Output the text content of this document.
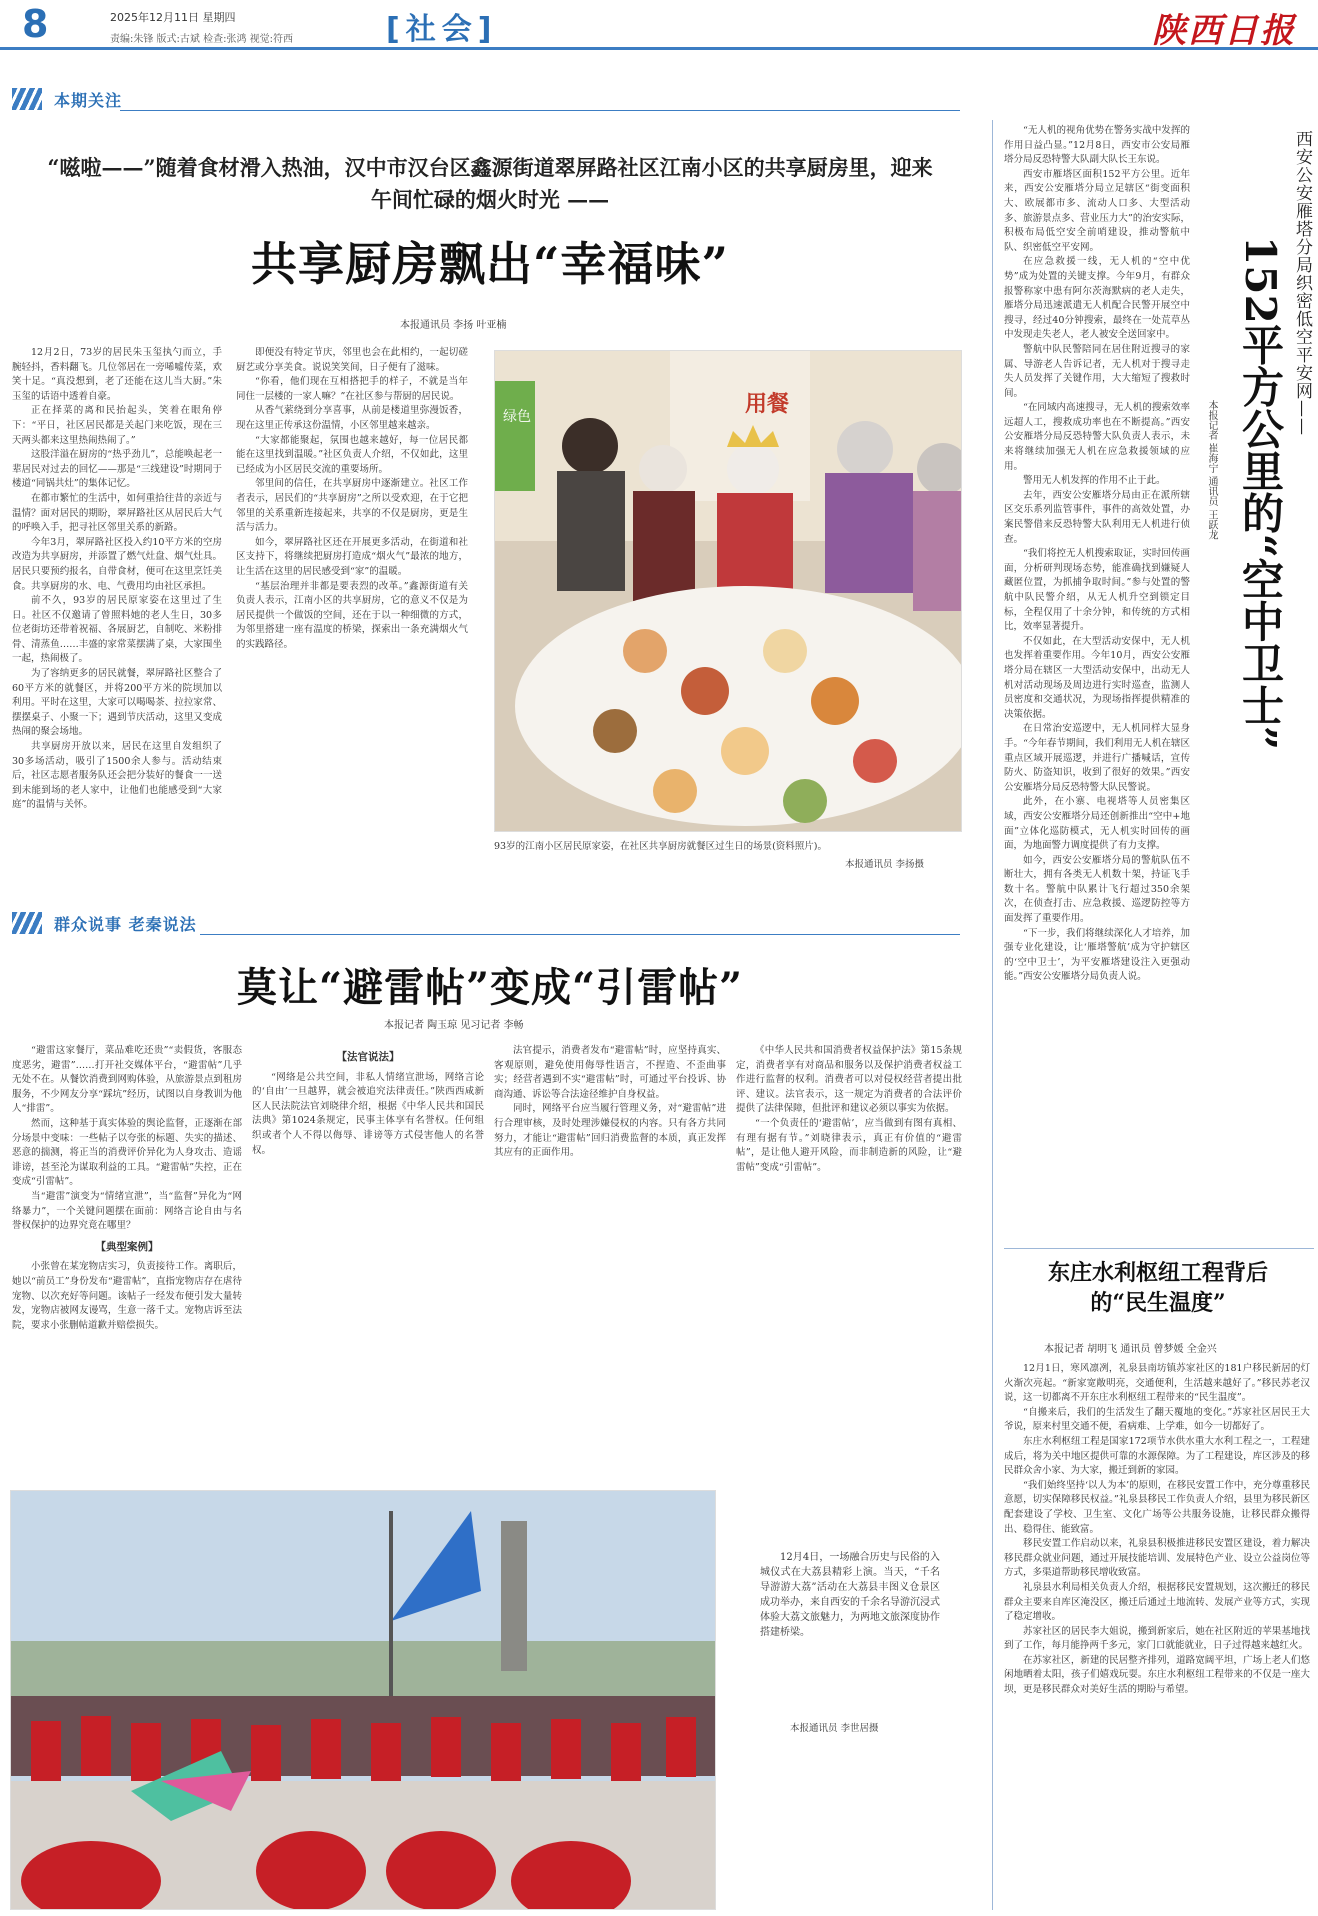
8	2025年12月11日 星期四
责编:朱锋 版式:古斌 检查:张鸿 视觉:符西	[社会]	陕西日报
本期关注
“嗞啦——”随着食材滑入热油，汉中市汉台区鑫源街道翠屏路社区江南小区的共享厨房里，迎来午间忙碌的烟火时光 ——
共享厨房飘出“幸福味”
本报通讯员 李扬 叶亚楠

12月2日，73岁的居民朱玉玺执勺而立，手腕轻抖，香料翻飞。几位邻居在一旁唏嘘传菜，欢笑十足。“真没想到，老了还能在这儿当大厨。”朱玉玺的话语中透着自豪。

正在择菜的离和民抬起头，笑着在眼角停下：“平日，社区居民都是关起门来吃饭，现在三天两头都来这里热闹热闹了。”

这股洋溢在厨房的“热乎劲儿”，总能唤起老一辈居民对过去的回忆——那是“三线建设”时期同于楼道“同锅共灶”的集体记忆。

在都市繁忙的生活中，如何重拾往昔的亲近与温情？面对居民的期盼，翠屏路社区从居民后大气的呼唤入手，把寻社区邻里关系的新路。

今年3月，翠屏路社区投入约10平方米的空房改造为共享厨房，并添置了燃气灶盘、烟气灶具。居民只要预约报名，自带食材，便可在这里烹饪美食。共享厨房的水、电、气费用均由社区承担。

前不久，93岁的居民原家姿在这里过了生日。社区不仅邀请了曾照料她的老人生日，30多位老街坊还带着祝福、各展厨艺，自制吃、米粉排骨、清蒸鱼……丰盛的家常菜摆满了桌，大家围坐一起，热闹极了。

为了容纳更多的居民就餐，翠屏路社区整合了60平方米的就餐区，并将200平方米的院坝加以利用。平时在这里，大家可以喝喝茶、拉拉家常、摆摆桌子、小聚一下；遇到节庆活动，这里又变成热闹的聚会场地。

共享厨房开放以来，居民在这里自发组织了30多场活动，吸引了1500余人参与。活动结束后，社区志愿者服务队还会把分装好的餐食一一送到未能到场的老人家中，让他们也能感受到“大家庭”的温情与关怀。

即便没有特定节庆，邻里也会在此相约，一起切磋厨艺或分享美食。说说笑笑间，日子便有了滋味。

“你看，他们现在互相搭把手的样子，不就是当年同住一层楼的一家人嘛？”在社区参与帮厨的居民说。

从香气萦绕到分享喜事，从前是楼道里弥漫饭香，现在这里正传承这份温情，小区邻里越来越亲。

“大家都能聚起，氛围也越来越好，每一位居民都能在这里找到温暖。”社区负责人介绍，不仅如此，这里已经成为小区居民交流的重要场所。

邻里间的信任，在共享厨房中逐渐建立。社区工作者表示，居民们的“共享厨房”之所以受欢迎，在于它把邻里的关系重新连接起来，共享的不仅是厨房，更是生活与活力。

如今，翠屏路社区还在开展更多活动，在街道和社区支持下，将继续把厨房打造成“烟火气”最浓的地方，让生活在这里的居民感受到“家”的温暖。

“基层治理并非都是要表烈的改革。”鑫源街道有关负责人表示，江南小区的共享厨房，它的意义不仅是为居民提供一个做饭的空间，还在于以一种细微的方式，为邻里搭建一座有温度的桥梁，探索出一条充满烟火气的实践路径。

用餐
绿色
93岁的江南小区居民原家姿，在社区共享厨房就餐区过生日的场景(资料照片)。
本报通讯员 李扬摄
群众说事 老秦说法
莫让“避雷帖”变成“引雷帖”
本报记者 陶玉琼 见习记者 李畅

“避雷这家餐厅，菜品难吃还贵”“卖假货，客服态度恶劣，避雷”……打开社交媒体平台，“避雷帖”几乎无处不在。从餐饮消费到网购体验，从旅游景点到租房服务，不少网友分享“踩坑”经历，试图以自身教训为他人“排雷”。

然而，这种基于真实体验的舆论监督，正逐渐在部分场景中变味：一些帖子以夸张的标题、失实的描述、恶意的揣测，将正当的消费评价异化为人身攻击、造谣诽谤，甚至沦为谋取利益的工具。“避雷帖”失控，正在变成“引雷帖”。

当“避雷”演变为“情绪宣泄”，当“监督”异化为“网络暴力”，一个关键问题摆在面前：网络言论自由与名誉权保护的边界究竟在哪里？

【典型案例】

小张曾在某宠物店实习，负责接待工作。离职后，她以“前员工”身份发布“避雷帖”，直指宠物店存在虐待宠物、以次充好等问题。该帖子一经发布便引发大量转发，宠物店被网友谩骂，生意一落千丈。宠物店诉至法院，要求小张删帖道歉并赔偿损失。

【法官说法】

“网络是公共空间，非私人情绪宣泄场，网络言论的‘自由’一旦越界，就会被追究法律责任。”陕西西咸新区人民法院法官刘晓律介绍，根据《中华人民共和国民法典》第1024条规定，民事主体享有名誉权。任何组织或者个人不得以侮辱、诽谤等方式侵害他人的名誉权。

法官提示，消费者发布“避雷帖”时，应坚持真实、客观原则，避免使用侮辱性语言，不捏造、不歪曲事实；经营者遇到不实“避雷帖”时，可通过平台投诉、协商沟通、诉讼等合法途径维护自身权益。

同时，网络平台应当履行管理义务，对“避雷帖”进行合理审核，及时处理涉嫌侵权的内容。只有各方共同努力，才能让“避雷帖”回归消费监督的本质，真正发挥其应有的正面作用。

《中华人民共和国消费者权益保护法》第15条规定，消费者享有对商品和服务以及保护消费者权益工作进行监督的权利。消费者可以对侵权经营者提出批评、建议。法官表示，这一规定为消费者的合法评价提供了法律保障，但批评和建议必须以事实为依据。

“一个负责任的‘避雷帖’，应当做到有图有真相、有理有据有节。”刘晓律表示，真正有价值的“避雷帖”，是让他人避开风险，而非制造新的风险，让“避雷帖”变成“引雷帖”。

12月4日，一场融合历史与民俗的入城仪式在大荔县精彩上演。当天，“千名导游游大荔”活动在大荔县丰图义仓景区成功举办，来自西安的千余名导游沉浸式体验大荔文旅魅力，为两地文旅深度协作搭建桥梁。

本报通讯员 李世居摄

“无人机的视角优势在警务实战中发挥的作用日益凸显。”12月8日，西安市公安局雁塔分局反恐特警大队副大队长王东说。

西安市雁塔区面积152平方公里。近年来，西安公安雁塔分局立足辖区“街变面积大、欧展都市多、流动人口多、大型活动多、旅游景点多、营业压力大”的治安实际，积极布局低空安全前哨建设，推动警航中队、织密低空平安网。

在应急救援一线，无人机的“空中优势”成为处置的关键支撑。今年9月，有群众报警称家中患有阿尔茨海默病的老人走失，雁塔分局迅速派遣无人机配合民警开展空中搜寻，经过40分钟搜索，最终在一处荒草丛中发现走失老人，老人被安全送回家中。

警航中队民警陪同在居住附近搜寻的家属、导游老人告诉记者，无人机对于搜寻走失人员发挥了关键作用，大大缩短了搜救时间。

“在同域内高速搜寻，无人机的搜索效率远超人工，搜救成功率也在不断提高。”西安公安雁塔分局反恐特警大队负责人表示，未来将继续加强无人机在应急救援领域的应用。

警用无人机发挥的作用不止于此。

去年，西安公安雁塔分局由正在派所辖区交乐系列监管事件，事件的高效处置，办案民警借来反恐特警大队利用无人机进行侦查。

“我们将控无人机搜索取证，实时回传画面，分析研判现场态势，能准确找到嫌疑人藏匿位置，为抓捕争取时间。”参与处置的警航中队民警介绍，从无人机升空到锁定目标，全程仅用了十余分钟，和传统的方式相比，效率显著提升。

不仅如此，在大型活动安保中，无人机也发挥着重要作用。今年10月，西安公安雁塔分局在辖区一大型活动安保中，出动无人机对活动现场及周边进行实时巡查，监测人员密度和交通状况，为现场指挥提供精准的决策依据。

在日常治安巡逻中，无人机同样大显身手。“今年春节期间，我们利用无人机在辖区重点区域开展巡逻，并进行广播喊话，宣传防火、防盗知识，收到了很好的效果。”西安公安雁塔分局反恐特警大队民警说。

此外，在小寨、电视塔等人员密集区域，西安公安雁塔分局还创新推出“空中+地面”立体化巡防模式，无人机实时回传的画面，为地面警力调度提供了有力支撑。

如今，西安公安雁塔分局的警航队伍不断壮大，拥有各类无人机数十架，持证飞手数十名。警航中队累计飞行超过350余架次，在侦查打击、应急救援、巡逻防控等方面发挥了重要作用。

“下一步，我们将继续深化人才培养，加强专业化建设，让‘雁塔警航’成为守护辖区的‘空中卫士’，为平安雁塔建设注入更强动能。”西安公安雁塔分局负责人说。

西安公安雁塔分局织密低空平安网——
152平方公里的“空中卫士”
本报记者 崔海宁 通讯员 王跃龙
东庄水利枢纽工程背后的“民生温度”
本报记者 胡明飞 通讯员 曾梦媛 全金兴

12月1日，寒风凛冽，礼泉县南坊镇苏家社区的181户移民新居的灯火渐次亮起。“新家宽敞明亮，交通便利，生活越来越好了。”移民苏老汉说，这一切都离不开东庄水利枢纽工程带来的“民生温度”。

“自搬来后，我们的生活发生了翻天覆地的变化。”苏家社区居民王大爷说，原来村里交通不便，看病难、上学难，如今一切都好了。

东庄水利枢纽工程是国家172项节水供水重大水利工程之一，工程建成后，将为关中地区提供可靠的水源保障。为了工程建设，库区涉及的移民群众舍小家、为大家，搬迁到新的家园。

“我们始终坚持‘以人为本’的原则，在移民安置工作中，充分尊重移民意愿，切实保障移民权益。”礼泉县移民工作负责人介绍，县里为移民新区配套建设了学校、卫生室、文化广场等公共服务设施，让移民群众搬得出、稳得住、能致富。

移民安置工作启动以来，礼泉县积极推进移民安置区建设，着力解决移民群众就业问题，通过开展技能培训、发展特色产业、设立公益岗位等方式，多渠道帮助移民增收致富。

礼泉县水利局相关负责人介绍，根据移民安置规划，这次搬迁的移民群众主要来自库区淹没区，搬迁后通过土地流转、发展产业等方式，实现了稳定增收。

苏家社区的居民李大姐说，搬到新家后，她在社区附近的苹果基地找到了工作，每月能挣两千多元，家门口就能就业，日子过得越来越红火。

在苏家社区，新建的民居整齐排列，道路宽阔平坦，广场上老人们悠闲地晒着太阳，孩子们嬉戏玩耍。东庄水利枢纽工程带来的不仅是一座大坝，更是移民群众对美好生活的期盼与希望。
